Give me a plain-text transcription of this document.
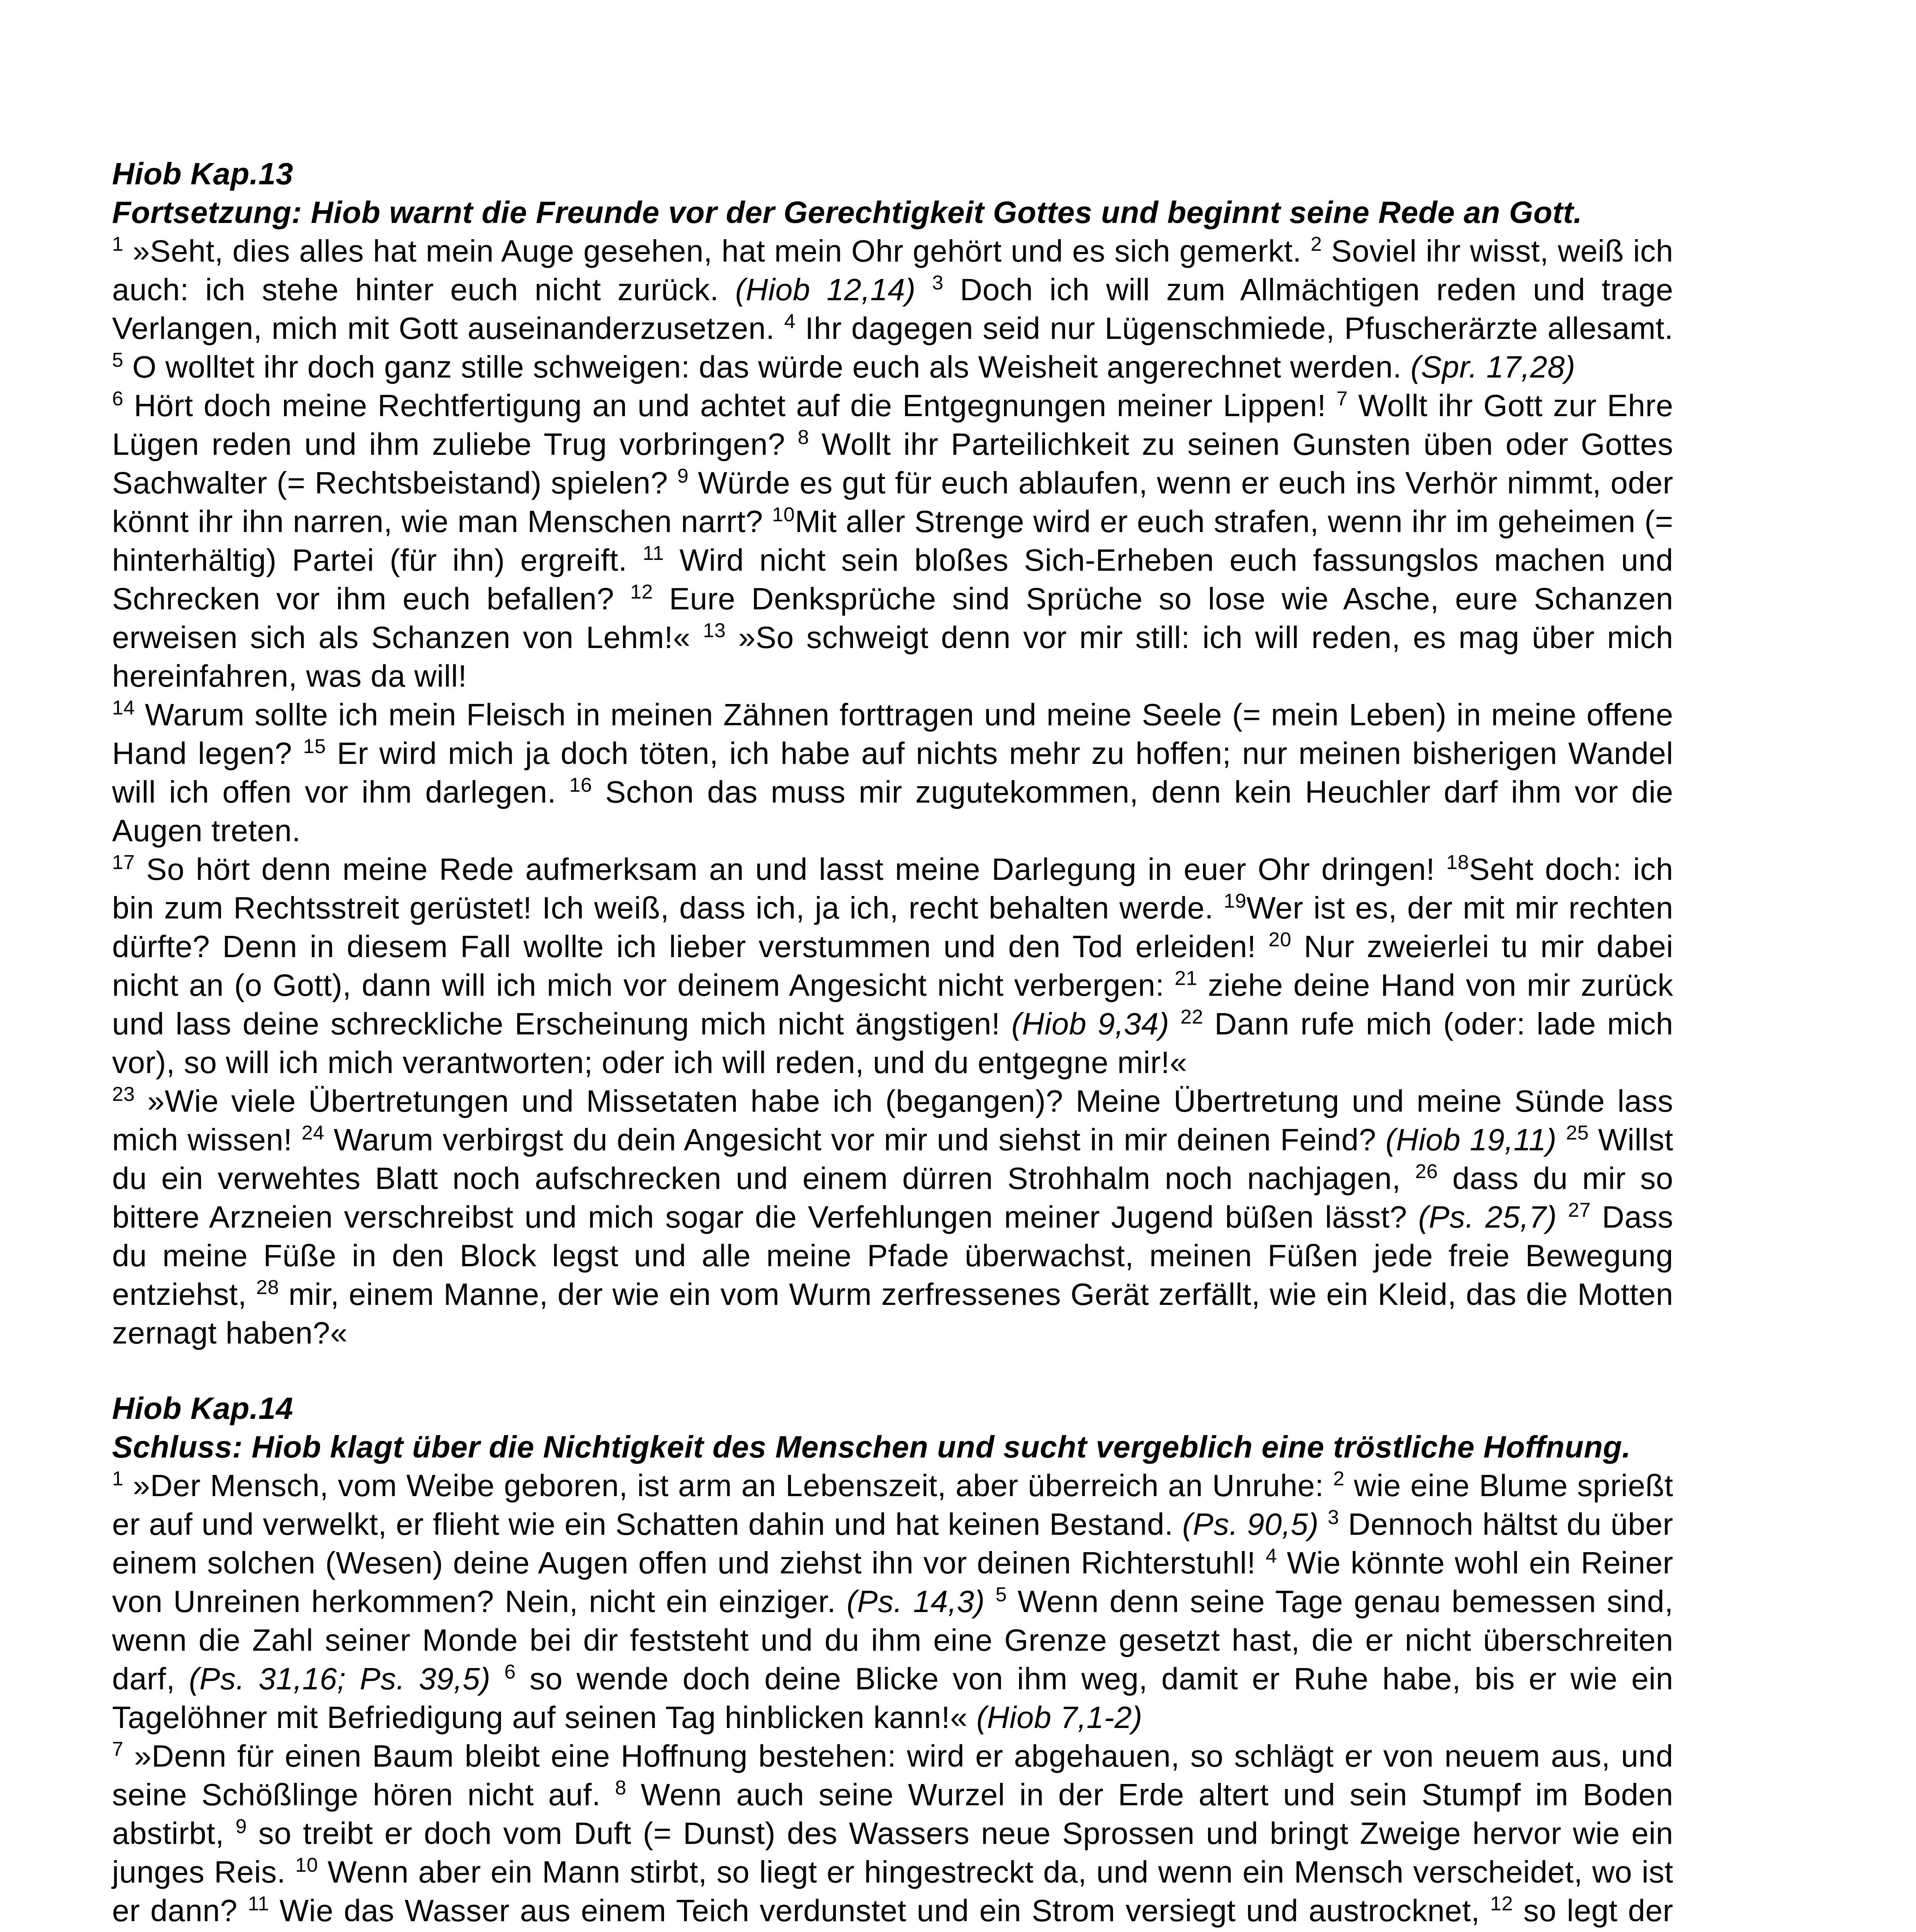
Hiob Kap.13

Fortsetzung: Hiob warnt die Freunde vor der Gerechtigkeit Gottes und beginnt seine Rede an Gott.

$^1$ »Seht, dies alles hat mein Auge gesehen, hat mein Ohr gehört und es sich gemerkt. $^2$ Soviel ihr wisst, weiß ich auch: ich stehe hinter euch nicht zurück. (Hiob 12,14) $^3$ Doch ich will zum Allmächtigen reden und trage Verlangen, mich mit Gott auseinanderzusetzen. $^4$ Ihr dagegen seid nur Lügenschmiede, Pfuscherärzte allesamt. $^5$ O wolltet ihr doch ganz stille schweigen: das würde euch als Weisheit angerechnet werden. (Spr. 17,28)

$^6$ Hört doch meine Rechtfertigung an und achtet auf die Entgegnungen meiner Lippen! $^7$ Wollt ihr Gott zur Ehre Lügen reden und ihm zuliebe Trug vorbringen? $^8$ Wollt ihr Parteilichkeit zu seinen Gunsten üben oder Gottes Sachwalter (= Rechtsbeistand) spielen? $^9$ Würde es gut für euch ablaufen, wenn er euch ins Verhör nimmt, oder könnt ihr ihn narren, wie man Menschen narrt? $^{10}$Mit aller Strenge wird er euch strafen, wenn ihr im geheimen (= hinterhältig) Partei (für ihn) ergreift. $^{11}$ Wird nicht sein bloßes Sich-Erheben euch fassungslos machen und Schrecken vor ihm euch befallen? $^{12}$ Eure Denksprüche sind Sprüche so lose wie Asche, eure Schanzen erweisen sich als Schanzen von Lehm!« $^{13}$ »So schweigt denn vor mir still: ich will reden, es mag über mich hereinfahren, was da will!

$^{14}$ Warum sollte ich mein Fleisch in meinen Zähnen forttragen und meine Seele (= mein Leben) in meine offene Hand legen? $^{15}$ Er wird mich ja doch töten, ich habe auf nichts mehr zu hoffen; nur meinen bisherigen Wandel will ich offen vor ihm darlegen. $^{16}$ Schon das muss mir zugutekommen, denn kein Heuchler darf ihm vor die Augen treten.

$^{17}$ So hört denn meine Rede aufmerksam an und lasst meine Darlegung in euer Ohr dringen! $^{18}$Seht doch: ich bin zum Rechtsstreit gerüstet! Ich weiß, dass ich, ja ich, recht behalten werde. $^{19}$Wer ist es, der mit mir rechten dürfte? Denn in diesem Fall wollte ich lieber verstummen und den Tod erleiden! $^{20}$ Nur zweierlei tu mir dabei nicht an (o Gott), dann will ich mich vor deinem Angesicht nicht verbergen: $^{21}$ ziehe deine Hand von mir zurück und lass deine schreckliche Erscheinung mich nicht ängstigen! (Hiob 9,34) $^{22}$ Dann rufe mich (oder: lade mich vor), so will ich mich verantworten; oder ich will reden, und du entgegne mir!«

$^{23}$ »Wie viele Übertretungen und Missetaten habe ich (begangen)? Meine Übertretung und meine Sünde lass mich wissen! $^{24}$ Warum verbirgst du dein Angesicht vor mir und siehst in mir deinen Feind? (Hiob 19,11) $^{25}$ Willst du ein verwehtes Blatt noch aufschrecken und einem dürren Strohhalm noch nachjagen, $^{26}$ dass du mir so bittere Arzneien verschreibst und mich sogar die Verfehlungen meiner Jugend büßen lässt? (Ps. 25,7) $^{27}$ Dass du meine Füße in den Block legst und alle meine Pfade überwachst, meinen Füßen jede freie Bewegung entziehst, $^{28}$ mir, einem Manne, der wie ein vom Wurm zerfressenes Gerät zerfällt, wie ein Kleid, das die Motten zernagt haben?«

Hiob Kap.14

Schluss: Hiob klagt über die Nichtigkeit des Menschen und sucht vergeblich eine tröstliche Hoffnung.

$^1$ »Der Mensch, vom Weibe geboren, ist arm an Lebenszeit, aber überreich an Unruhe: $^2$ wie eine Blume sprießt er auf und verwelkt, er flieht wie ein Schatten dahin und hat keinen Bestand. (Ps. 90,5) $^3$ Dennoch hältst du über einem solchen (Wesen) deine Augen offen und ziehst ihn vor deinen Richterstuhl! $^4$ Wie könnte wohl ein Reiner von Unreinen herkommen? Nein, nicht ein einziger. (Ps. 14,3) $^5$ Wenn denn seine Tage genau bemessen sind, wenn die Zahl seiner Monde bei dir feststeht und du ihm eine Grenze gesetzt hast, die er nicht überschreiten darf, (Ps. 31,16; Ps. 39,5) $^6$ so wende doch deine Blicke von ihm weg, damit er Ruhe habe, bis er wie ein Tagelöhner mit Befriedigung auf seinen Tag hinblicken kann!« (Hiob 7,1-2)

$^7$ »Denn für einen Baum bleibt eine Hoffnung bestehen: wird er abgehauen, so schlägt er von neuem aus, und seine Schößlinge hören nicht auf. $^8$ Wenn auch seine Wurzel in der Erde altert und sein Stumpf im Boden abstirbt, $^9$ so treibt er doch vom Duft (= Dunst) des Wassers neue Sprossen und bringt Zweige hervor wie ein junges Reis. $^{10}$ Wenn aber ein Mann stirbt, so liegt er hingestreckt da, und wenn ein Mensch verscheidet, wo ist er dann? $^{11}$ Wie das Wasser aus einem Teich verdunstet und ein Strom versiegt und austrocknet, $^{12}$ so legt der
